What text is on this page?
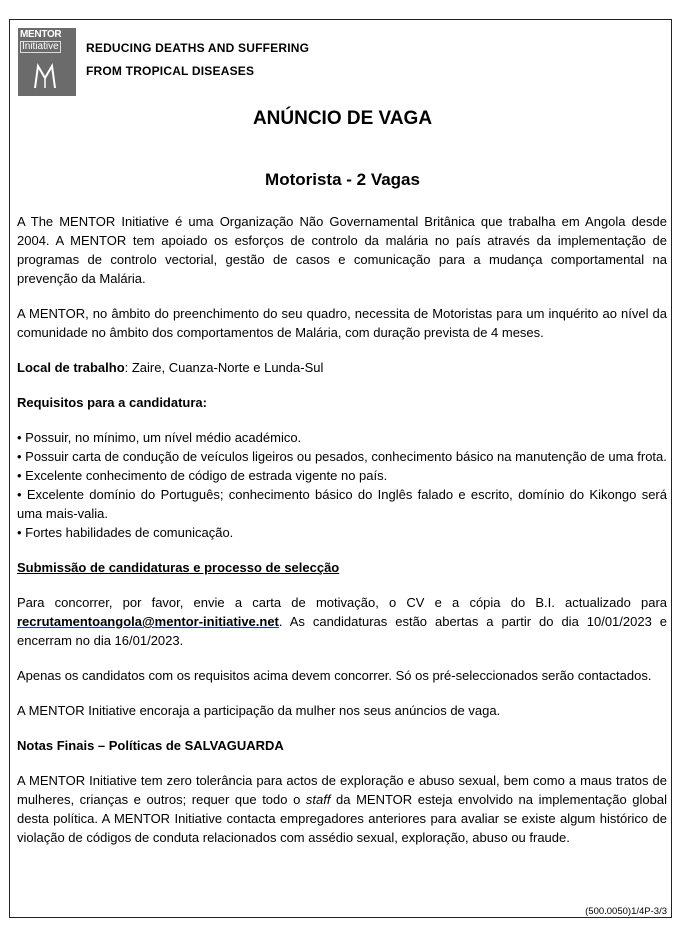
MENTOR
Initiative REDUCING DEATHS AND SUFFERING
FROM TROPICAL DISEASES
ANÚNCIO DE VAGA
Motorista - 2 Vagas

A The MENTOR Initiative é uma Organização Não Governamental Britânica que trabalha em Angola desde 2004. A MENTOR tem apoiado os esforços de controlo da malária no país através da implementação de programas de controlo vectorial, gestão de casos e comunicação para a mudança comportamental na prevenção da Malária.

A MENTOR, no âmbito do preenchimento do seu quadro, necessita de Motoristas para um inquérito ao nível da comunidade no âmbito dos comportamentos de Malária, com duração prevista de 4 meses.

Local de trabalho: Zaire, Cuanza-Norte e Lunda-Sul

Requisitos para a candidatura:

• Possuir, no mínimo, um nível médio académico.

• Possuir carta de condução de veículos ligeiros ou pesados, conhecimento básico na manutenção de uma frota.

• Excelente conhecimento de código de estrada vigente no país.

• Excelente domínio do Português; conhecimento básico do Inglês falado e escrito, domínio do Kikongo será uma mais-valia.

• Fortes habilidades de comunicação.

Submissão de candidaturas e processo de selecção

Para concorrer, por favor, envie a carta de motivação, o CV e a cópia do B.I. actualizado para recrutamentoangola@mentor-initiative.net. As candidaturas estão abertas a partir do dia 10/01/2023 e encerram no dia 16/01/2023.

Apenas os candidatos com os requisitos acima devem concorrer. Só os pré-seleccionados serão contactados.

A MENTOR Initiative encoraja a participação da mulher nos seus anúncios de vaga.

Notas Finais – Políticas de SALVAGUARDA

A MENTOR Initiative tem zero tolerância para actos de exploração e abuso sexual, bem como a maus tratos de mulheres, crianças e outros; requer que todo o staff da MENTOR esteja envolvido na implementação global desta política. A MENTOR Initiative contacta empregadores anteriores para avaliar se existe algum histórico de violação de códigos de conduta relacionados com assédio sexual, exploração, abuso ou fraude.

(500.0050)1/4P-3/3
